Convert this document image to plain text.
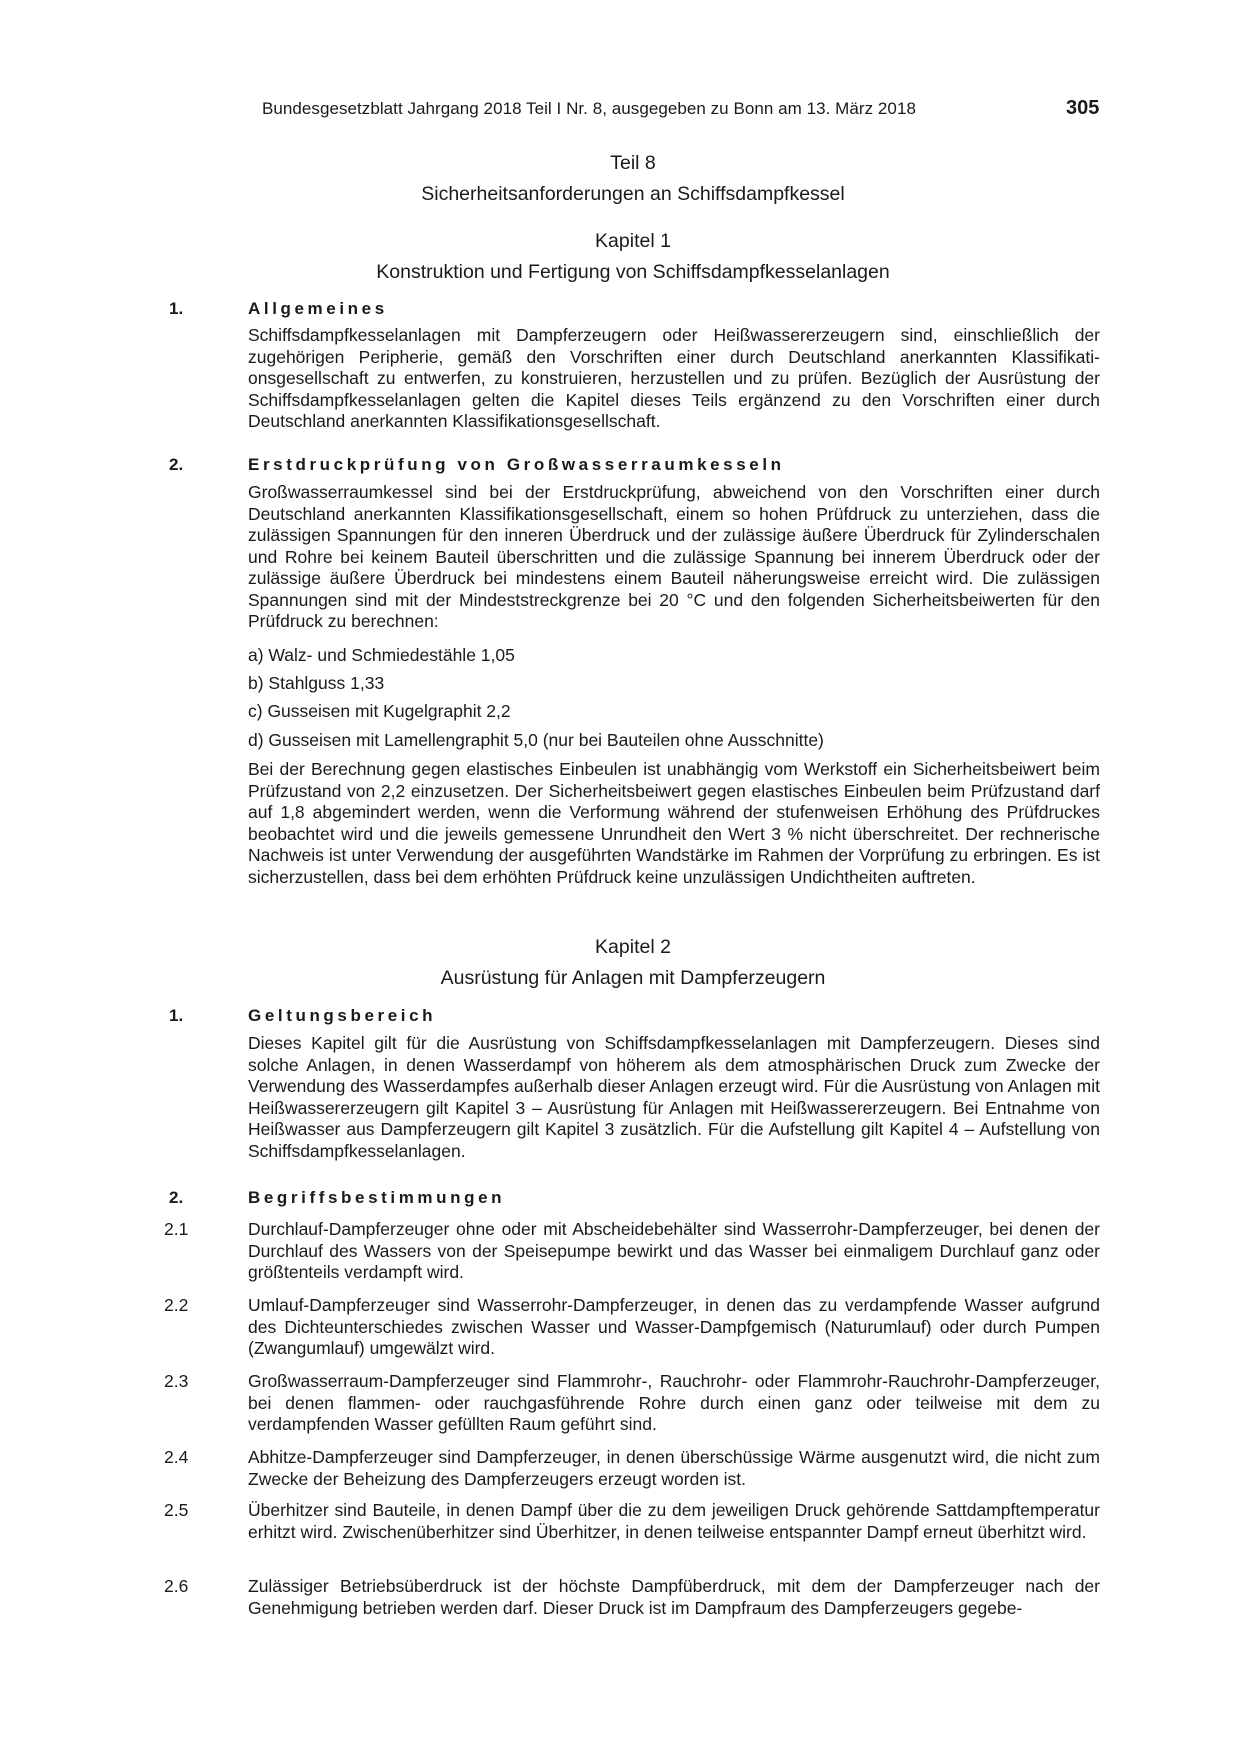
Bundesgesetzblatt Jahrgang 2018 Teil I Nr. 8, ausgegeben zu Bonn am 13. März 2018	305
Teil 8
Sicherheitsanforderungen an Schiffsdampfkessel
Kapitel 1
Konstruktion und Fertigung von Schiffsdampfkesselanlagen
1.	Allgemeines
Schiffsdampfkesselanlagen mit Dampferzeugern oder Heißwassererzeugern sind, einschließlich der zugehörigen Peripherie, gemäß den Vorschriften einer durch Deutschland anerkannten Klassifikationsgesellschaft zu entwerfen, zu konstruieren, herzustellen und zu prüfen. Bezüglich der Ausrüstung der Schiffsdampfkesselanlagen gelten die Kapitel dieses Teils ergänzend zu den Vorschriften einer durch Deutschland anerkannten Klassifikationsgesellschaft.
2.	Erstdruckprüfung von Großwasserraumkesseln
Großwasserraumkessel sind bei der Erstdruckprüfung, abweichend von den Vorschriften einer durch Deutschland anerkannten Klassifikationsgesellschaft, einem so hohen Prüfdruck zu unterziehen, dass die zulässigen Spannungen für den inneren Überdruck und der zulässige äußere Überdruck für Zylinderschalen und Rohre bei keinem Bauteil überschritten und die zulässige Spannung bei innerem Überdruck oder der zulässige äußere Überdruck bei mindestens einem Bauteil näherungsweise erreicht wird. Die zulässigen Spannungen sind mit der Mindeststreckgrenze bei 20 °C und den folgenden Sicherheitsbeiwerten für den Prüfdruck zu berechnen:
a) Walz- und Schmiedestähle 1,05
b) Stahlguss 1,33
c) Gusseisen mit Kugelgraphit 2,2
d) Gusseisen mit Lamellengraphit 5,0 (nur bei Bauteilen ohne Ausschnitte)
Bei der Berechnung gegen elastisches Einbeulen ist unabhängig vom Werkstoff ein Sicherheitsbeiwert beim Prüfzustand von 2,2 einzusetzen. Der Sicherheitsbeiwert gegen elastisches Einbeulen beim Prüfzustand darf auf 1,8 abgemindert werden, wenn die Verformung während der stufenweisen Erhöhung des Prüfdruckes beobachtet wird und die jeweils gemessene Unrundheit den Wert 3 % nicht überschreitet. Der rechnerische Nachweis ist unter Verwendung der ausgeführten Wandstärke im Rahmen der Vorprüfung zu erbringen. Es ist sicherzustellen, dass bei dem erhöhten Prüfdruck keine unzulässigen Undichtheiten auftreten.
Kapitel 2
Ausrüstung für Anlagen mit Dampferzeugern
1.	Geltungsbereich
Dieses Kapitel gilt für die Ausrüstung von Schiffsdampfkesselanlagen mit Dampferzeugern. Dieses sind solche Anlagen, in denen Wasserdampf von höherem als dem atmosphärischen Druck zum Zwecke der Verwendung des Wasserdampfes außerhalb dieser Anlagen erzeugt wird. Für die Ausrüstung von Anlagen mit Heißwassererzeugern gilt Kapitel 3 – Ausrüstung für Anlagen mit Heißwassererzeugern. Bei Entnahme von Heißwasser aus Dampferzeugern gilt Kapitel 3 zusätzlich. Für die Aufstellung gilt Kapitel 4 – Aufstellung von Schiffsdampfkesselanlagen.
2.	Begriffsbestimmungen
2.1	Durchlauf-Dampferzeuger ohne oder mit Abscheidebehälter sind Wasserrohr-Dampferzeuger, bei denen der Durchlauf des Wassers von der Speisepumpe bewirkt und das Wasser bei einmaligem Durchlauf ganz oder größtenteils verdampft wird.
2.2	Umlauf-Dampferzeuger sind Wasserrohr-Dampferzeuger, in denen das zu verdampfende Wasser aufgrund des Dichteunterschiedes zwischen Wasser und Wasser-Dampfgemisch (Naturumlauf) oder durch Pumpen (Zwangumlauf) umgewälzt wird.
2.3	Großwasserraum-Dampferzeuger sind Flammrohr-, Rauchrohr- oder Flammrohr-Rauchrohr-Dampferzeuger, bei denen flammen- oder rauchgasführende Rohre durch einen ganz oder teilweise mit dem zu verdampfenden Wasser gefüllten Raum geführt sind.
2.4	Abhitze-Dampferzeuger sind Dampferzeuger, in denen überschüssige Wärme ausgenutzt wird, die nicht zum Zwecke der Beheizung des Dampferzeugers erzeugt worden ist.
2.5	Überhitzer sind Bauteile, in denen Dampf über die zu dem jeweiligen Druck gehörende Sattdampftemperatur erhitzt wird. Zwischenüberhitzer sind Überhitzer, in denen teilweise entspannter Dampf erneut überhitzt wird.
2.6	Zulässiger Betriebsüberdruck ist der höchste Dampfüberdruck, mit dem der Dampferzeuger nach der Genehmigung betrieben werden darf. Dieser Druck ist im Dampfraum des Dampferzeugers gegebe-
